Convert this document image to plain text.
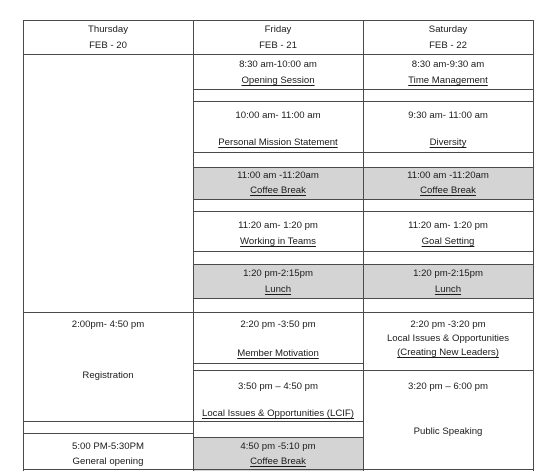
Thursday
FEB - 20
Friday
FEB - 21
Saturday
FEB - 22
8:30 am-10:00 am
Opening Session
10:00 am- 11:00 am
Personal Mission Statement
11:00 am -11:20am
Coffee Break
11:20 am- 1:20 pm
Working in Teams
1:20 pm-2:15pm
Lunch
2:20 pm -3:50 pm
Member Motivation
3:50 pm – 4:50 pm
Local Issues & Opportunities (LCIF)
4:50 pm -5:10 pm
Coffee Break
8:30 am-9:30 am
Time Management
9:30 am- 11:00 am
Diversity
11:00 am -11:20am
Coffee Break
11:20 am- 1:20 pm
Goal Setting
1:20 pm-2:15pm
Lunch
2:20 pm -3:20 pm
Local Issues & Opportunities
(Creating New Leaders)
3:20 pm – 6:00 pm
Public Speaking
2:00pm- 4:50 pm
Registration
5:00 PM-5:30PM
General opening
